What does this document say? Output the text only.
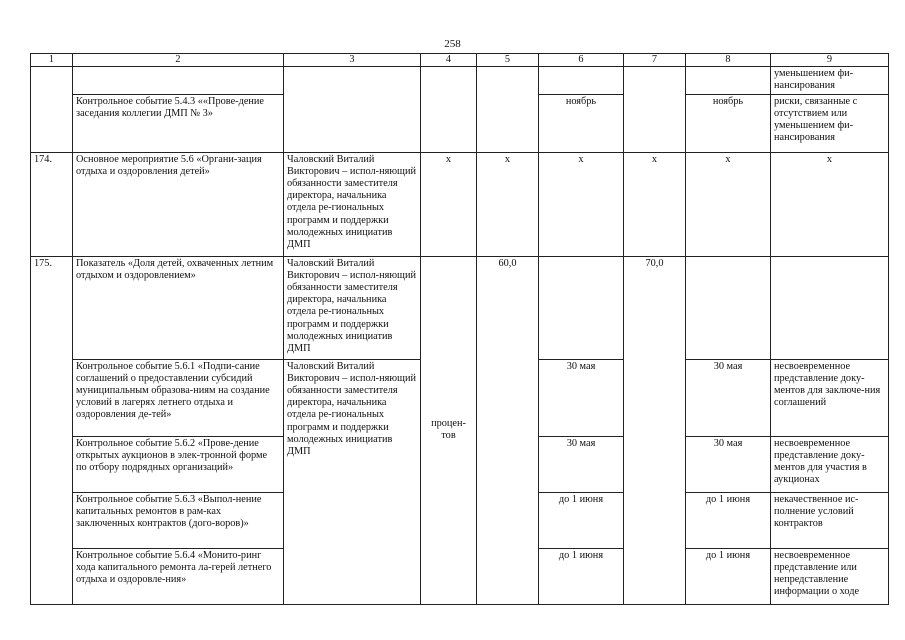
258
1	2	3	4	5	6	7	8	9
								уменьшением фи-нансирования
	Контрольное событие 5.4.3 ««Прове-дение заседания коллегии ДМП № 3»				ноябрь		ноябрь	риски, связанные с отсутствием или уменьшением фи-нансирования
174.	Основное мероприятие 5.6 «Органи-зация отдыха и оздоровления детей»	Чаловский Виталий Викторович – испол-няющий обязанности заместителя директора, начальника отдела ре-гиональных программ и поддержки молодежных инициатив ДМП	x	x	x	x	x	x
175.	Показатель «Доля детей, охваченных летним отдыхом и оздоровлением»	Чаловский Виталий Викторович – испол-няющий обязанности заместителя директора, начальника отдела ре-гиональных программ и поддержки молодежных инициатив ДМП	процен-тов	60,0		70,0		
	Контрольное событие 5.6.1 «Подпи-сание соглашений о предоставлении субсидий муниципальным образова-ниям на создание условий в лагерях летнего отдыха и оздоровления де-тей»	Чаловский Виталий Викторович – испол-няющий обязанности заместителя директора, начальника отдела ре-гиональных программ и поддержки молодежных инициатив ДМП			30 мая		30 мая	несвоевременное представление доку-ментов для заключе-ния соглашений
	Контрольное событие 5.6.2 «Прове-дение открытых аукционов в элек-тронной форме по отбору подрядных организаций»				30 мая		30 мая	несвоевременное представление доку-ментов для участия в аукционах
	Контрольное событие 5.6.3 «Выпол-нение капитальных ремонтов в рам-ках заключенных контрактов (дого-воров)»				до 1 июня		до 1 июня	некачественное ис-полнение условий контрактов
	Контрольное событие 5.6.4 «Монито-ринг хода капитального ремонта ла-герей летнего отдыха и оздоровле-ния»				до 1 июня		до 1 июня	несвоевременное представление или непредставление информации о ходе
